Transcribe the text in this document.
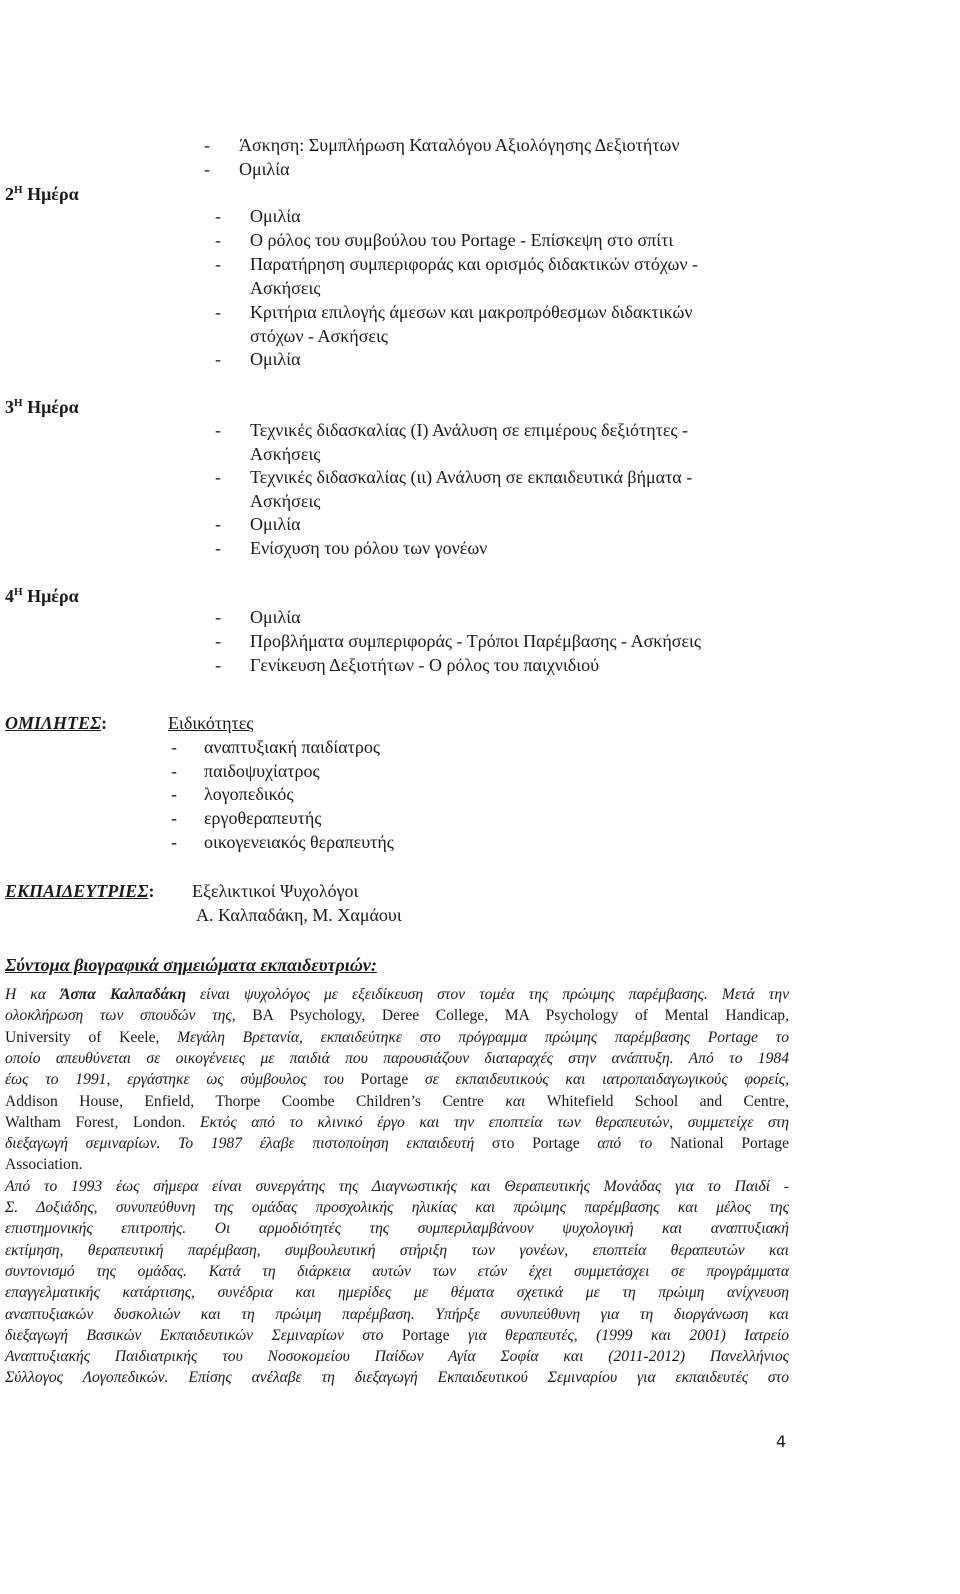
$2^H$ Ημέρα
$3^H$ Ημέρα
$4^H$ Ημέρα
- Άσκηση: Συμπλήρωση Καταλόγου Αξιολόγησης Δεξιοτήτων
- Ομιλία
- Ομιλία
- Ο ρόλος του συμβούλου του Portage - Επίσκεψη στο σπίτι
- Παρατήρηση συμπεριφοράς και ορισμός διδακτικών στόχων -
Ασκήσεις
- Κριτήρια επιλογής άμεσων και μακροπρόθεσμων διδακτικών
στόχων - Ασκήσεις
- Ομιλία
- Τεχνικές διδασκαλίας (Ι) Ανάλυση σε επιμέρους δεξιότητες -
Ασκήσεις
- Τεχνικές διδασκαλίας (ιι) Ανάλυση σε εκπαιδευτικά βήματα -
Ασκήσεις
- Ομιλία
- Ενίσχυση του ρόλου των γονέων
- Ομιλία
- Προβλήματα συμπεριφοράς - Τρόποι Παρέμβασης - Ασκήσεις
- Γενίκευση Δεξιοτήτων - Ο ρόλος του παιχνιδιού
ΟΜΙΛΗΤΕΣ:	Ειδικότητες
- αναπτυξιακή παιδίατρος
- παιδοψυχίατρος
- λογοπεδικός
- εργοθεραπευτής
- οικογενειακός θεραπευτής
ΕΚΠΑΙΔΕΥΤΡΙΕΣ: Εξελικτικοί Ψυχολόγοι
Α. Καλπαδάκη, Μ. Χαμάουι
Σύντομα βιογραφικά σημειώματα εκπαιδευτριών:
Η κα Άσπα Καλπαδάκη είναι ψυχολόγος με εξειδίκευση στον τομέα της πρώιμης παρέμβασης. Μετά την
ολοκλήρωση των σπουδών της, BA Psychology, Deree College, MA Psychology of Mental Handicap,
University of Keele, Μεγάλη Βρετανία, εκπαιδεύτηκε στο πρόγραμμα πρώιμης παρέμβασης Portage το
οποίο απευθύνεται σε οικογένειες με παιδιά που παρουσιάζουν διαταραχές στην ανάπτυξη. Από το 1984
έως το 1991, εργάστηκε ως σύμβουλος του Portage σε εκπαιδευτικούς και ιατροπαιδαγωγικούς φορείς,
Addison House, Enfield, Thorpe Coombe Children’s Centre και Whitefield School and Centre,
Waltham Forest, London. Εκτός από το κλινικό έργο και την εποπτεία των θεραπευτών, συμμετείχε στη
διεξαγωγή σεμιναρίων. Το 1987 έλαβε πιστοποίηση εκπαιδευτή στο Portage από το National Portage
Association.
Από το 1993 έως σήμερα είναι συνεργάτης της Διαγνωστικής και Θεραπευτικής Μονάδας για το Παιδί -
Σ. Δοξιάδης, συνυπεύθυνη της ομάδας προσχολικής ηλικίας και πρώιμης παρέμβασης και μέλος της
επιστημονικής επιτροπής. Οι αρμοδιότητές της συμπεριλαμβάνουν ψυχολογική και αναπτυξιακή
εκτίμηση, θεραπευτική παρέμβαση, συμβουλευτική στήριξη των γονέων, εποπτεία θεραπευτών και
συντονισμό της ομάδας. Κατά τη διάρκεια αυτών των ετών έχει συμμετάσχει σε προγράμματα
επαγγελματικής κατάρτισης, συνέδρια και ημερίδες με θέματα σχετικά με τη πρώιμη ανίχνευση
αναπτυξιακών δυσκολιών και τη πρώιμη παρέμβαση. Υπήρξε συνυπεύθυνη για τη διοργάνωση και
διεξαγωγή Βασικών Εκπαιδευτικών Σεμιναρίων στο Portage για θεραπευτές, (1999 και 2001) Ιατρείο
Αναπτυξιακής Παιδιατρικής του Νοσοκομείου Παίδων Αγία Σοφία και (2011-2012) Πανελλήνιος
Σύλλογος Λογοπεδικών. Επίσης ανέλαβε τη διεξαγωγή Εκπαιδευτικού Σεμιναρίου για εκπαιδευτές στο
4
